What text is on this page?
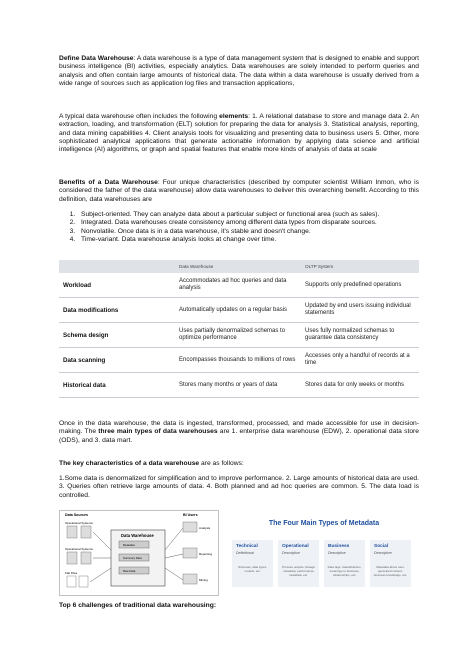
Define Data Warehouse: A data warehouse is a type of data management system that is designed to enable and support business intelligence (BI) activities, especially analytics. Data warehouses are solely intended to perform queries and analysis and often contain large amounts of historical data. The data within a data warehouse is usually derived from a wide range of sources such as application log files and transaction applications,

A typical data warehouse often includes the following elements: 1. A relational database to store and manage data 2. An extraction, loading, and transformation (ELT) solution for preparing the data for analysis 3. Statistical analysis, reporting, and data mining capabilities 4. Client analysis tools for visualizing and presenting data to business users 5. Other, more sophisticated analytical applications that generate actionable information by applying data science and artificial intelligence (AI) algorithms, or graph and spatial features that enable more kinds of analysis of data at scale

Benefits of a Data Warehouse: Four unique characteristics (described by computer scientist William Inmon, who is considered the father of the data warehouse) allow data warehouses to deliver this overarching benefit. According to this definition, data warehouses are

1. Subject-oriented. They can analyze data about a particular subject or functional area (such as sales).
2. Integrated. Data warehouses create consistency among different data types from disparate sources.
3. Nonvolatile. Once data is in a data warehouse, it's stable and doesn't change.
4. Time-variant. Data warehouse analysis looks at change over time.
	Data Warehouse	OLTP System
Workload	Accommodates ad hoc queries and data analysis	Supports only predefined operations
Data modifications	Automatically updates on a regular basis	Updated by end users issuing individual statements
Schema design	Uses partially denormalized schemas to optimize performance	Uses fully normalized schemas to guarantee data consistency
Data scanning	Encompasses thousands to millions of rows	Accesses only a handful of records at a time
Historical data	Stores many months or years of data	Stores data for only weeks or months

Once in the data warehouse, the data is ingested, transformed, processed, and made accessible for use in decision-making. The three main types of data warehouses are 1. enterprise data warehouse (EDW), 2. operational data store (ODS), and 3. data mart.

The key characteristics of a data warehouse are as follows:

1.Some data is denormalized for simplification and to improve performance. 2. Large amounts of historical data are used. 3. Queries often retrieve large amounts of data. 4. Both planned and ad hoc queries are common. 5. The data load is controlled.

Top 6 challenges of traditional data warehousing:

Data Sources	BI Users
Operational Systems
Operational Systems
Flat Files
Data Warehouse
Metadata
Summary Data
Raw Data
Analysis
Reporting
Mining
The Four Main Types of Metadata
Technical
Definitional
Schemas, data types, models, etc.
Operational
Descriptive
Process outputs, lineage metadata, performance metadata, etc.
Business
Descriptive
Data tags, classifications, meanings to business, relationships, etc.
Social
Descriptive
Metadata about user-generated content, business knowledge, etc.
